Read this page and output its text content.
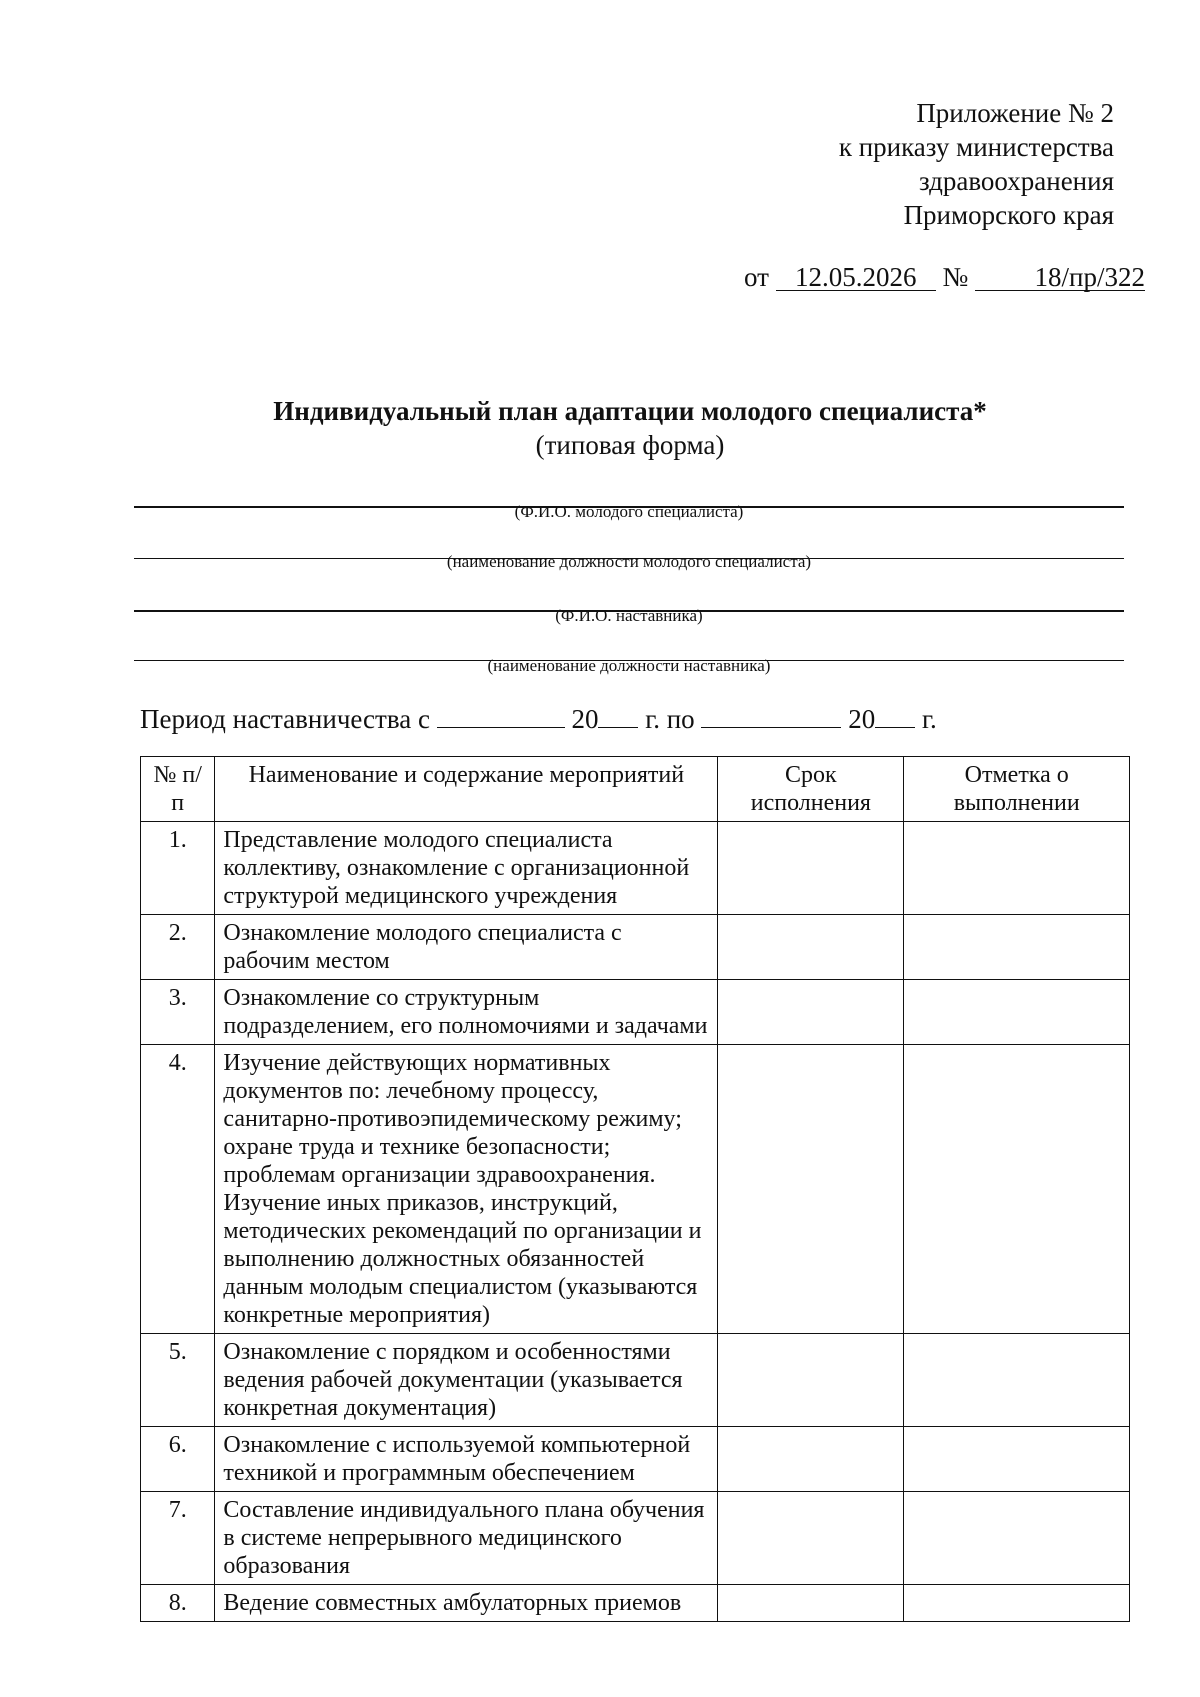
Приложение № 2
к приказу министерства
здравоохранения
Приморского края
от 12.05.2026 № 18/пр/322
Индивидуальный план адаптации молодого специалиста*
(типовая форма)
(Ф.И.О. молодого специалиста)
(наименование должности молодого специалиста)
(Ф.И.О. наставника)
(наименование должности наставника)
Период наставничества с	20 г. по	20 г.
№ п/п	Наименование и содержание мероприятий	Срок исполнения	Отметка о выполнении
1.	Представление молодого специалиста коллективу, ознакомление с организационной структурой медицинского учреждения		
2.	Ознакомление молодого специалиста с рабочим местом		
3.	Ознакомление со структурным подразделением, его полномочиями и задачами		
4.	Изучение действующих нормативных документов по: лечебному процессу, санитарно-противоэпидемическому режиму; охране труда и технике безопасности; проблемам организации здравоохранения. Изучение иных приказов, инструкций, методических рекомендаций по организации и выполнению должностных обязанностей данным молодым специалистом (указываются конкретные мероприятия)		
5.	Ознакомление с порядком и особенностями ведения рабочей документации (указывается конкретная документация)		
6.	Ознакомление с используемой компьютерной техникой и программным обеспечением		
7.	Составление индивидуального плана обучения в системе непрерывного медицинского образования		
8.	Ведение совместных амбулаторных приемов		
